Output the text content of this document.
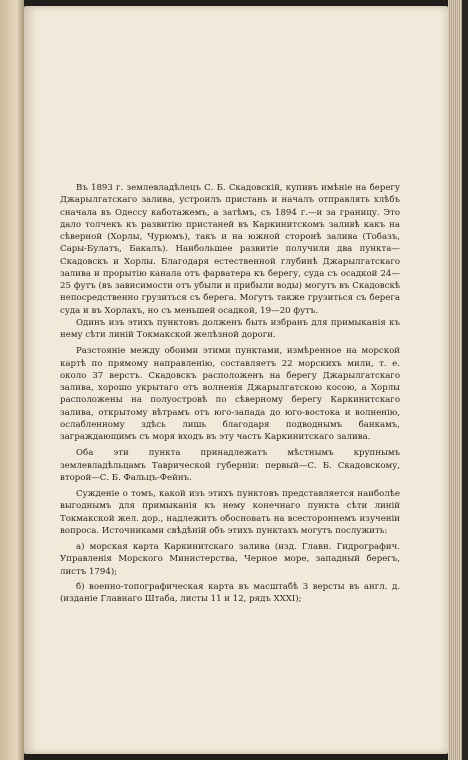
Въ 1893 г. землевладѣлецъ С. Б. Скадовскій, купивъ имѣніе на берегу Джарылгатскаго залива, устроилъ пристань и началъ отправлять хлѣбъ сначала въ Одессу каботажемъ, а затѣмъ, съ 1894 г.—и за границу. Это дало толчекъ къ развитію пристаней въ Каркинитскомъ заливѣ какъ на сѣверной (Хорлы, Чурюмъ), такъ и на южной сторонѣ залива (Тобазъ, Сары-Булатъ, Бакалъ). Наибольшее развитіе получили два пункта—Скадовскъ и Хорлы. Благодаря естественной глубинѣ Джарылгатскаго залива и прорытію канала отъ фарватера къ берегу, суда съ осадкой 24—25 футъ (въ зависимости отъ убыли и прибыли воды) могутъ въ Скадовскѣ непосредственно грузиться съ берега. Могутъ также грузиться съ берега суда и въ Хорлахъ, но съ меньшей осадкой, 19—20 футъ.

Одинъ изъ этихъ пунктовъ долженъ быть избранъ для примыканія къ нему сѣти линій Токмакской желѣзной дороги.

Разстояніе между обоими этими пунктами, измѣренное на морской картѣ по прямому направленію, составляетъ 22 морскихъ мили, т. е. около 37 верстъ. Скадовскъ расположенъ на берегу Джарылгатскаго залива, хорошо укрытаго отъ волненія Джарылгатскою косою, а Хорлы расположены на полуостровѣ по сѣверному берегу Каркинитскаго залива, открытому вѣтрамъ отъ юго-запада до юго-востока и волненію, ослабленному здѣсь лишь благодаря подводнымъ банкамъ, заграждающимъ съ моря входъ въ эту часть Каркинитскаго залива.

Оба эти пункта принадлежатъ мѣстнымъ крупнымъ землевладѣльцамъ Таврической губерніи: первый—С. Б. Скадовскому, второй—С. Б. Фальцъ-Фейнъ.

Сужденіе о томъ, какой изъ этихъ пунктовъ представляется наиболѣе выгоднымъ для примыканія къ нему конечнаго пункта сѣти линій Токмакской жел. дор., надлежитъ обосновать на всестороннемъ изученіи вопроса. Источниками свѣдѣній объ этихъ пунктахъ могутъ послужить:

а) морская карта Каркинитскаго залива (изд. Главн. Гидрографич. Управленія Морского Министерства, Черное море, западный берегъ, листъ 1794);

б) военно-топографическая карта въ масштабѣ 3 версты въ англ. д. (изданіе Главнаго Штаба, листы 11 и 12, рядъ XXXI);
